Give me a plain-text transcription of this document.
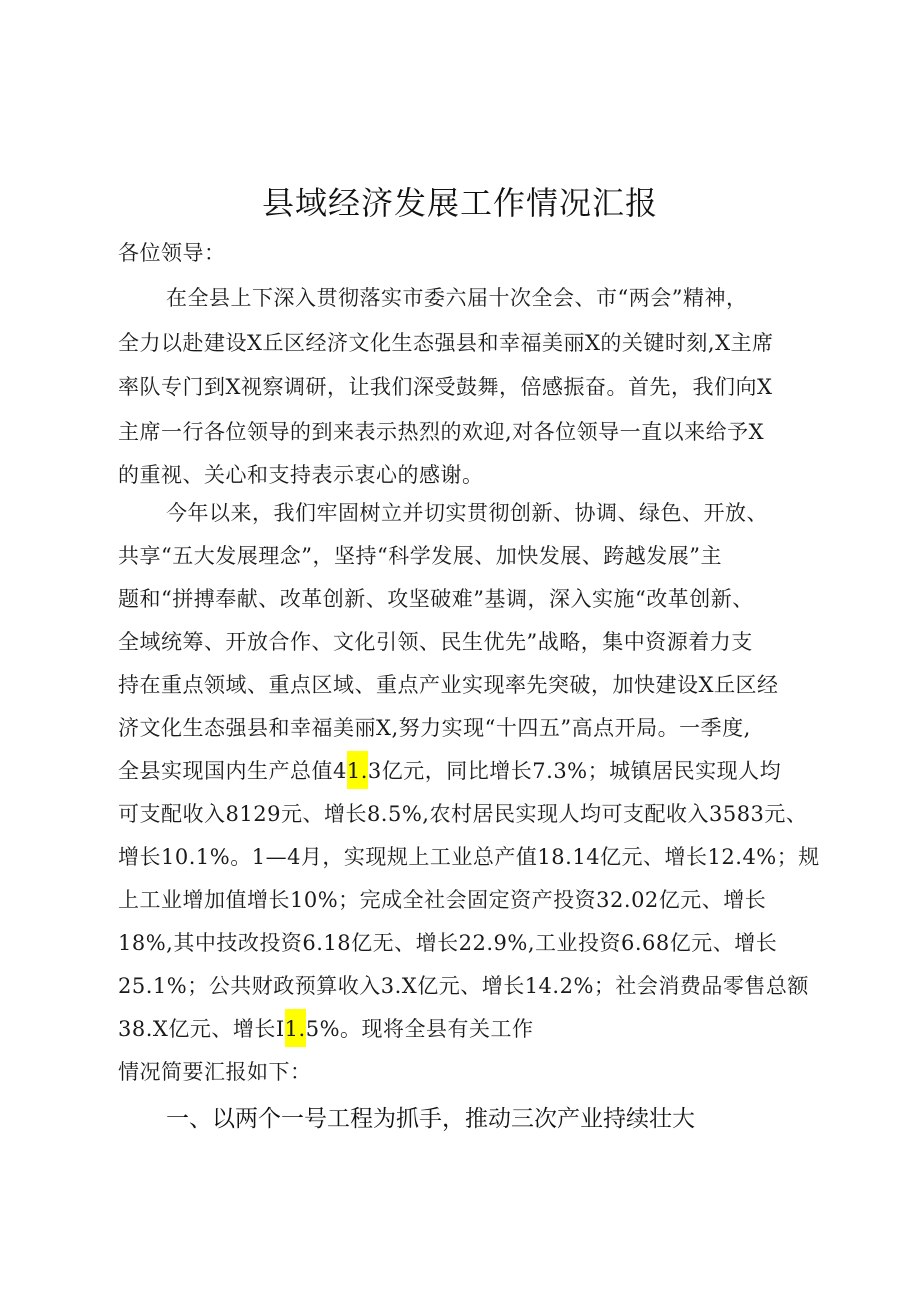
县域经济发展工作情况汇报
各位领导：
在全县上下深入贯彻落实市委六届十次全会、市“两会”精神，
全力以赴建设X丘区经济文化生态强县和幸福美丽X的关键时刻,X主席
率队专门到X视察调研，让我们深受鼓舞，倍感振奋。首先，我们向X
主席一行各位领导的到来表示热烈的欢迎,对各位领导一直以来给予X
的重视、关心和支持表示衷心的感谢。
今年以来，我们牢固树立并切实贯彻创新、协调、绿色、开放、
共享“五大发展理念”，坚持“科学发展、加快发展、跨越发展”主
题和“拼搏奉献、改革创新、攻坚破难”基调，深入实施“改革创新、
全域统筹、开放合作、文化引领、民生优先”战略，集中资源着力支
持在重点领域、重点区域、重点产业实现率先突破，加快建设X丘区经
济文化生态强县和幸福美丽X,努力实现“十四五”高点开局。一季度,
全县实现国内生产总值41.3亿元，同比增长7.3%；城镇居民实现人均
可支配收入8129元、增长8.5%,农村居民实现人均可支配收入3583元、
增长10.1%。1—4月，实现规上工业总产值18.14亿元、增长12.4%；规
上工业增加值增长10%；完成全社会固定资产投资32.02亿元、增长
18%,其中技改投资6.18亿无、增长22.9%,工业投资6.68亿元、增长
25.1%；公共财政预算收入3.X亿元、增长14.2%；社会消费品零售总额
38.X亿元、增长I1.5%。现将全县有关工作
情况简要汇报如下：
一、以两个一号工程为抓手，推动三次产业持续壮大
